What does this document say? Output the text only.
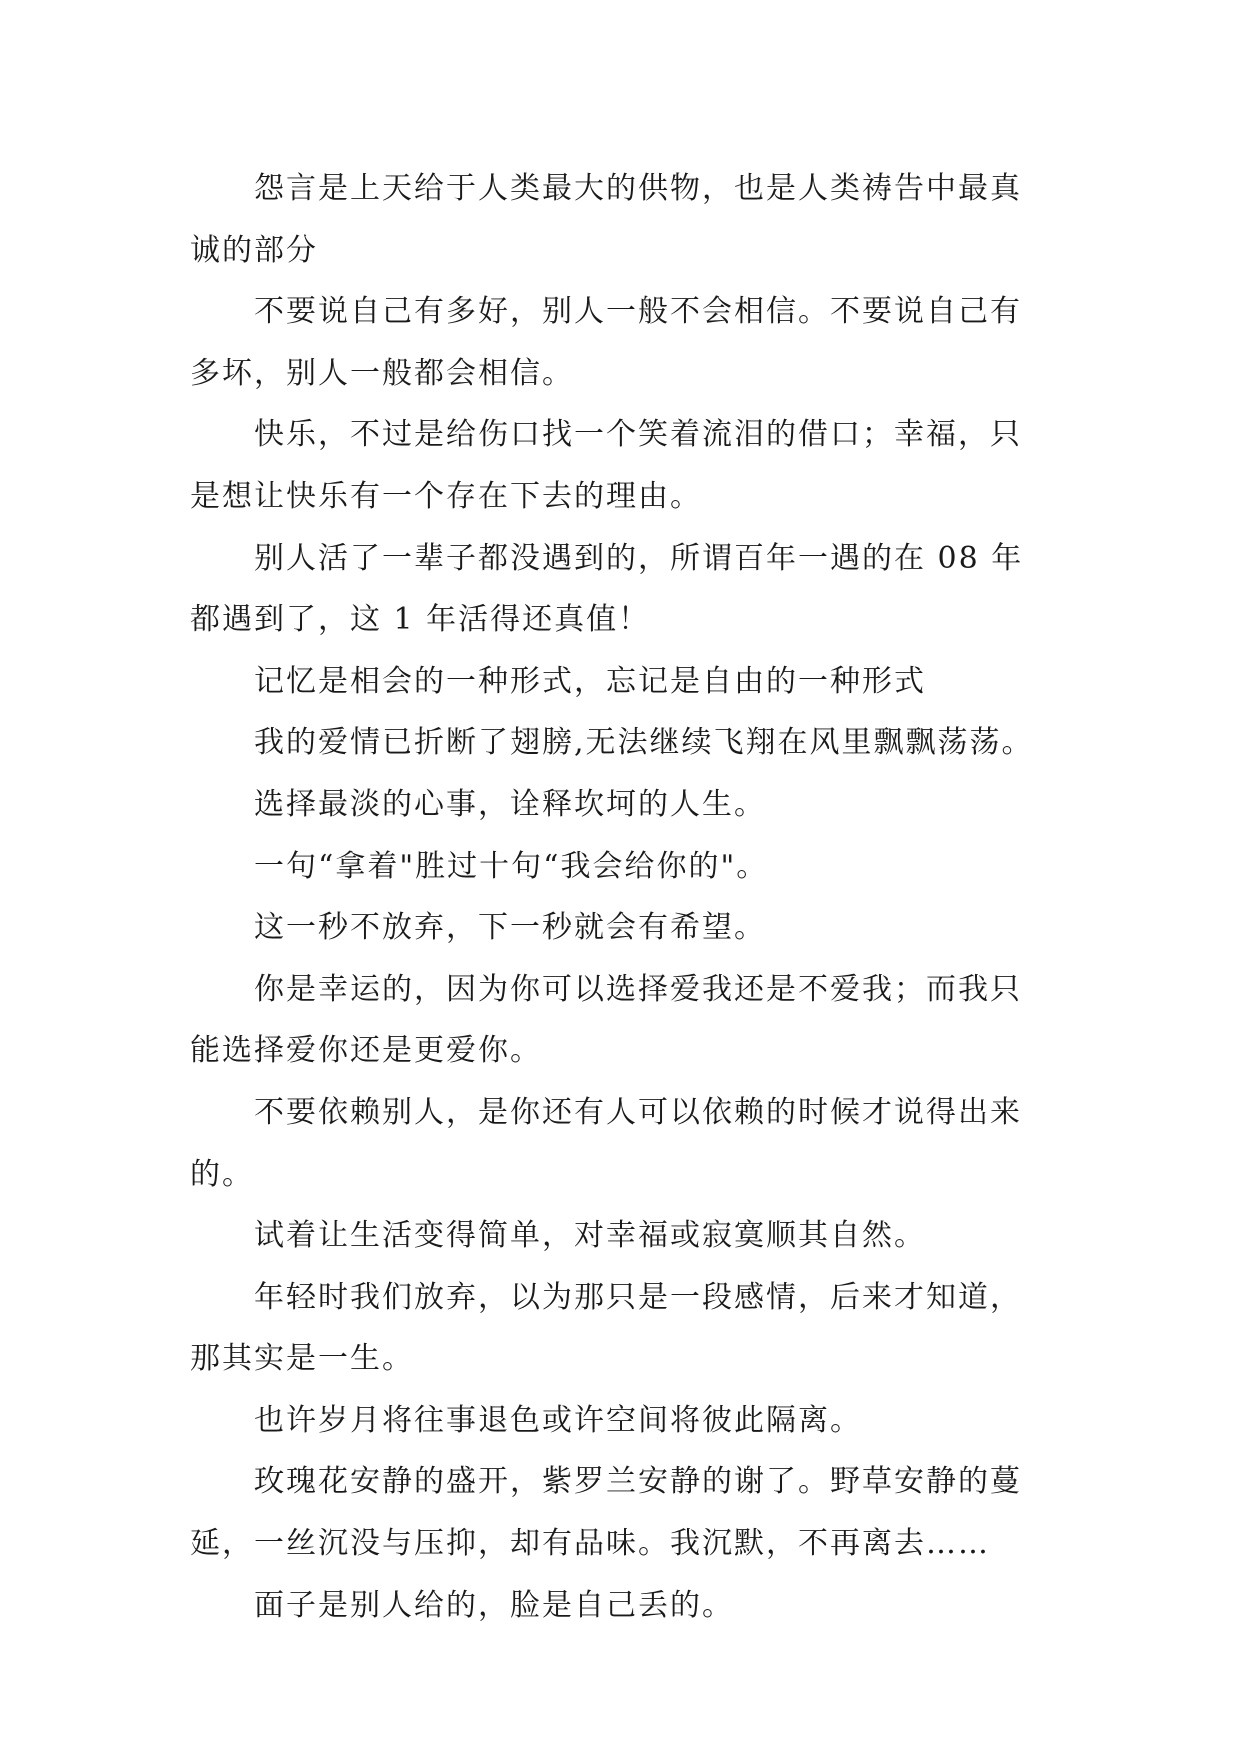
怨言是上天给于人类最大的供物，也是人类祷告中最真诚的部分

不要说自己有多好，别人一般不会相信。不要说自己有多坏，别人一般都会相信。

快乐，不过是给伤口找一个笑着流泪的借口；幸福，只是想让快乐有一个存在下去的理由。

别人活了一辈子都没遇到的，所谓百年一遇的在 08 年都遇到了，这 1 年活得还真值！

记忆是相会的一种形式，忘记是自由的一种形式

我的爱情已折断了翅膀,无法继续飞翔在风里飘飘荡荡。

选择最淡的心事，诠释坎坷的人生。

一句“拿着"胜过十句“我会给你的"。

这一秒不放弃，下一秒就会有希望。

你是幸运的，因为你可以选择爱我还是不爱我；而我只能选择爱你还是更爱你。

不要依赖别人，是你还有人可以依赖的时候才说得出来的。

试着让生活变得简单，对幸福或寂寞顺其自然。

年轻时我们放弃，以为那只是一段感情，后来才知道，那其实是一生。

也许岁月将往事退色或许空间将彼此隔离。

玫瑰花安静的盛开，紫罗兰安静的谢了。野草安静的蔓延，一丝沉没与压抑，却有品味。我沉默，不再离去……

面子是别人给的，脸是自己丢的。
